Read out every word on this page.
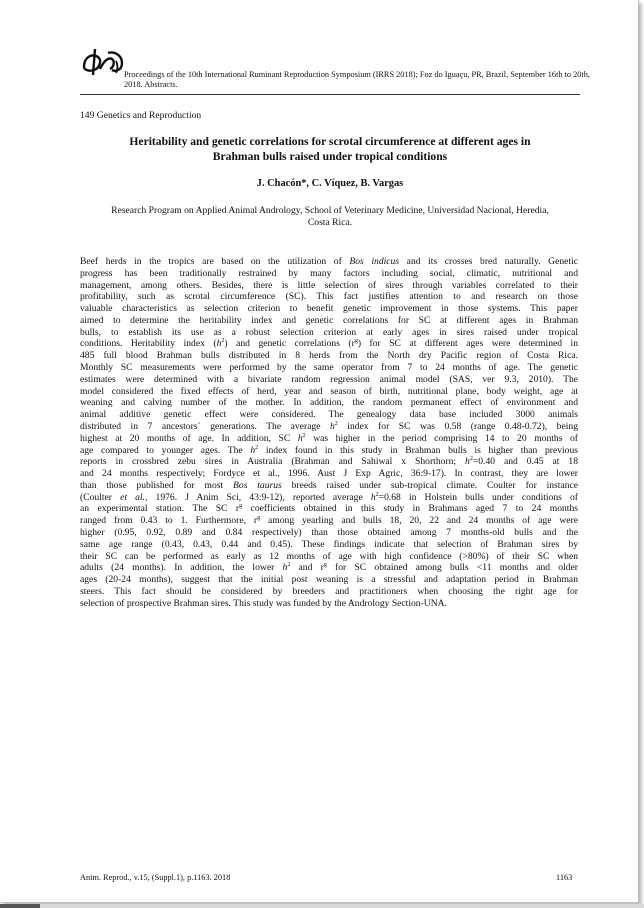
Proceedings of the 10th International Ruminant Reproduction Symposium (IRRS 2018); Foz do Iguaçu, PR, Brazil, September 16th to 20th, 2018. Abstracts.
149 Genetics and Reproduction
Heritability and genetic correlations for scrotal circumference at different ages in
Brahman bulls raised under tropical conditions
J. Chacón*, C. Víquez, B. Vargas
Research Program on Applied Animal Andrology, School of Veterinary Medicine, Universidad Nacional, Heredia,
Costa Rica.
Beef herds in the tropics are based on the utilization of Bos indicus and its crosses bred naturally. Genetic
progress has been traditionally restrained by many factors including social, climatic, nutritional and
management, among others. Besides, there is little selection of sires through variables correlated to their
profitability, such as scrotal circumference (SC). This fact justifies attention to and research on those
valuable characteristics as selection criterion to benefit genetic improvement in those systems. This paper
aimed to determine the heritability index and genetic correlations for SC at different ages in Brahman
bulls, to establish its use as a robust selection criterion at early ages in sires raised under tropical
conditions. Heritability index $(h^2)$ and genetic correlations $(r^g)$ for SC at different ages were determined in
485 full blood Brahman bulls distributed in 8 herds from the North dry Pacific region of Costa Rica.
Monthly SC measurements were performed by the same operator from 7 to 24 months of age. The genetic
estimates were determined with a bivariate random regression animal model (SAS, ver 9.3, 2010). The
model considered the fixed effects of herd, year and season of birth, nutritional plane, body weight, age at
weaning and calving number of the mother. In addition, the random permanent effect of environment and
animal additive genetic effect were considered. The genealogy data base included 3000 animals
distributed in 7 ancestors´ generations. The average $h^2$ index for SC was 0.58 (range 0.48-0.72), being
highest at 20 months of age. In addition, SC $h^2$ was higher in the period comprising 14 to 20 months of
age compared to younger ages. The $h^2$ index found in this study in Brahman bulls is higher than previous
reports in crossbred zebu sires in Australia (Brahman and Sahiwal x Shorthorn; $h^2=0.40$ and 0.45 at 18
and 24 months respectively; Fordyce et al., 1996. Aust J Exp Agric, 36:9-17). In contrast, they are lower
than those published for most Bos taurus breeds raised under sub-tropical climate. Coulter for instance
(Coulter et al., 1976. J Anim Sci, 43:9-12), reported average $h^2=0.68$ in Holstein bulls under conditions of
an experimental station. The SC $r^g$ coefficients obtained in this study in Brahmans aged 7 to 24 months
ranged from 0.43 to 1. Furthermore, $r^g$ among yearling and bulls 18, 20, 22 and 24 months of age were
higher (0.95, 0.92, 0.89 and 0.84 respectively) than those obtained among 7 months-old bulls and the
same age range (0.43, 0.43, 0.44 and 0.45). These findings indicate that selection of Brahman sires by
their SC can be performed as early as 12 months of age with high confidence (>80%) of their SC when
adults (24 months). In addition, the lower $h^2$ and $r^g$ for SC obtained among bulls <11 months and older
ages (20-24 months), suggest that the initial post weaning is a stressful and adaptation period in Brahman
steers. This fact should be considered by breeders and practitioners when choosing the right age for
selection of prospective Brahman sires. This study was funded by the Andrology Section-UNA.
Anim. Reprod., v.15, (Suppl.1), p.1163. 2018	1163
